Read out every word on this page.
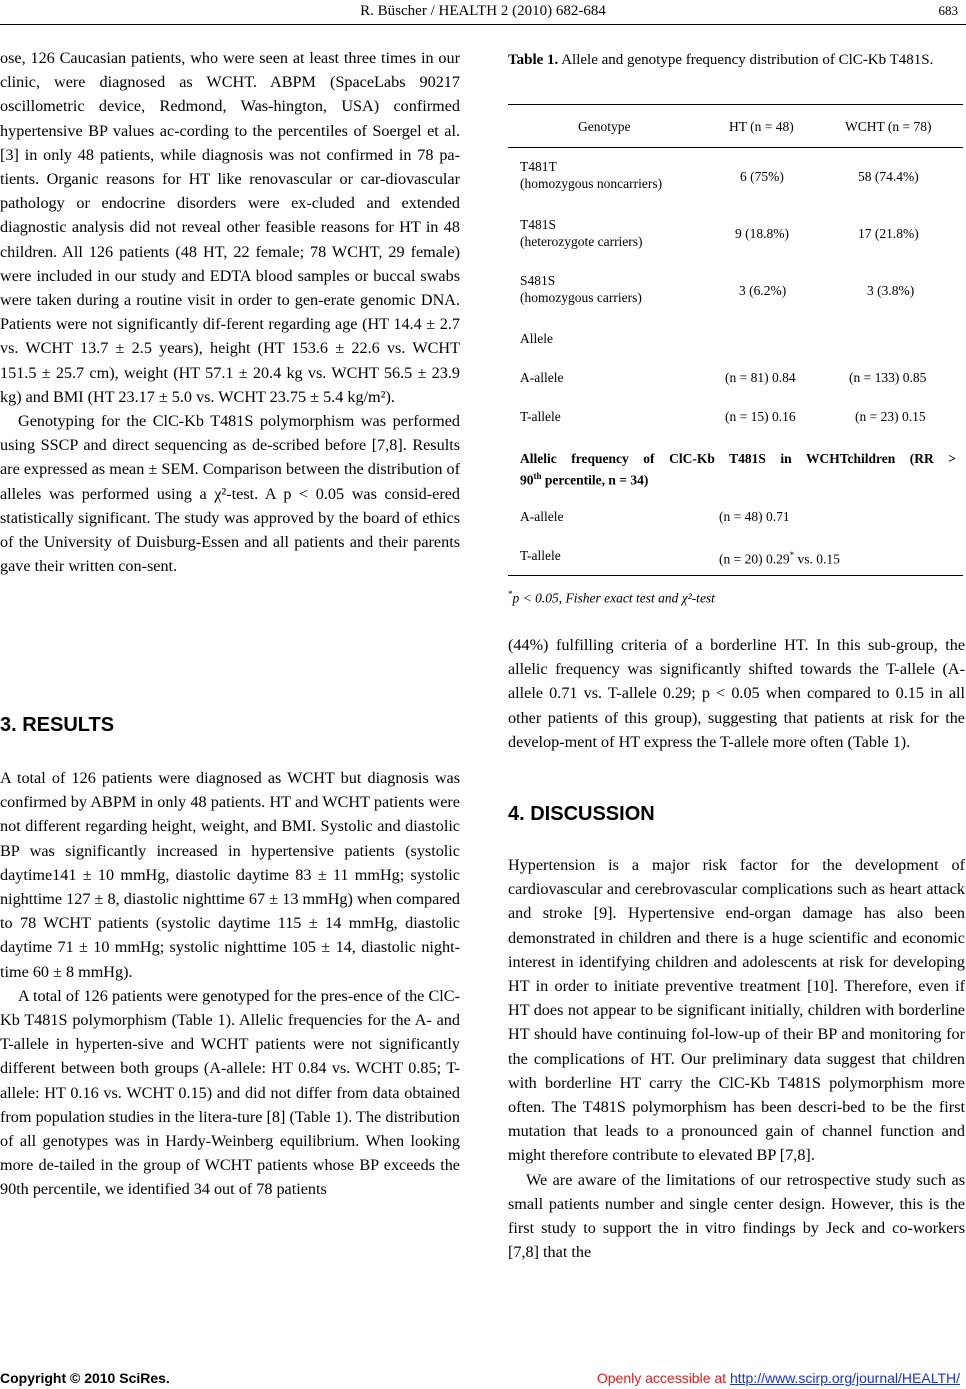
R. Büscher / HEALTH 2 (2010) 682-684	683

ose, 126 Caucasian patients, who were seen at least three times in our clinic, were diagnosed as WCHT. ABPM (SpaceLabs 90217 oscillometric device, Redmond, Was-hington, USA) confirmed hypertensive BP values ac-cording to the percentiles of Soergel et al. [3] in only 48 patients, while diagnosis was not confirmed in 78 pa-tients. Organic reasons for HT like renovascular or car-diovascular pathology or endocrine disorders were ex-cluded and extended diagnostic analysis did not reveal other feasible reasons for HT in 48 children. All 126 patients (48 HT, 22 female; 78 WCHT, 29 female) were included in our study and EDTA blood samples or buccal swabs were taken during a routine visit in order to gen-erate genomic DNA. Patients were not significantly dif-ferent regarding age (HT 14.4 ± 2.7 vs. WCHT 13.7 ± 2.5 years), height (HT 153.6 ± 22.6 vs. WCHT 151.5 ± 25.7 cm), weight (HT 57.1 ± 20.4 kg vs. WCHT 56.5 ± 23.9 kg) and BMI (HT 23.17 ± 5.0 vs. WCHT 23.75 ± 5.4 kg/m²).

Genotyping for the ClC-Kb T481S polymorphism was performed using SSCP and direct sequencing as de-scribed before [7,8]. Results are expressed as mean ± SEM. Comparison between the distribution of alleles was performed using a χ²-test. A p < 0.05 was consid-ered statistically significant. The study was approved by the board of ethics of the University of Duisburg-Essen and all patients and their parents gave their written con-sent.

3. RESULTS

A total of 126 patients were diagnosed as WCHT but diagnosis was confirmed by ABPM in only 48 patients. HT and WCHT patients were not different regarding height, weight, and BMI. Systolic and diastolic BP was significantly increased in hypertensive patients (systolic daytime141 ± 10 mmHg, diastolic daytime 83 ± 11 mmHg; systolic nighttime 127 ± 8, diastolic nighttime 67 ± 13 mmHg) when compared to 78 WCHT patients (systolic daytime 115 ± 14 mmHg, diastolic daytime 71 ± 10 mmHg; systolic nighttime 105 ± 14, diastolic night-time 60 ± 8 mmHg).

A total of 126 patients were genotyped for the pres-ence of the ClC-Kb T481S polymorphism (Table 1). Allelic frequencies for the A- and T-allele in hyperten-sive and WCHT patients were not significantly different between both groups (A-allele: HT 0.84 vs. WCHT 0.85; T-allele: HT 0.16 vs. WCHT 0.15) and did not differ from data obtained from population studies in the litera-ture [8] (Table 1). The distribution of all genotypes was in Hardy-Weinberg equilibrium. When looking more de-tailed in the group of WCHT patients whose BP exceeds the 90th percentile, we identified 34 out of 78 patients

Table 1. Allele and genotype frequency distribution of ClC-Kb T481S.
Genotype	HT (n = 48)	WCHT (n = 78)
T481T
(homozygous noncarriers)	6 (75%)	58 (74.4%)
T481S
(heterozygote carriers)
9 (18.8%)	17 (21.8%)
S481S
(homozygous carriers)	3 (6.2%)	3 (3.8%)
Allele
A-allele	(n = 81) 0.84	(n = 133) 0.85
T-allele	(n = 15) 0.16	(n = 23) 0.15
Allelic frequency of ClC-Kb T481S in WCHTchildren (RR >
90th percentile, n = 34)
A-allele	(n = 48) 0.71
T-allele	(n = 20) 0.29* vs. 0.15
*p < 0.05, Fisher exact test and χ²-test

(44%) fulfilling criteria of a borderline HT. In this sub-group, the allelic frequency was significantly shifted towards the T-allele (A-allele 0.71 vs. T-allele 0.29; p < 0.05 when compared to 0.15 in all other patients of this group), suggesting that patients at risk for the develop-ment of HT express the T-allele more often (Table 1).

4. DISCUSSION

Hypertension is a major risk factor for the development of cardiovascular and cerebrovascular complications such as heart attack and stroke [9]. Hypertensive end-organ damage has also been demonstrated in children and there is a huge scientific and economic interest in identifying children and adolescents at risk for developing HT in order to initiate preventive treatment [10]. Therefore, even if HT does not appear to be significant initially, children with borderline HT should have continuing fol-low-up of their BP and monitoring for the complications of HT. Our preliminary data suggest that children with borderline HT carry the ClC-Kb T481S polymorphism more often. The T481S polymorphism has been descri-bed to be the first mutation that leads to a pronounced gain of channel function and might therefore contribute to elevated BP [7,8].

We are aware of the limitations of our retrospective study such as small patients number and single center design. However, this is the first study to support the in vitro findings by Jeck and co-workers [7,8] that the

Copyright © 2010 SciRes.	Openly accessible at http://www.scirp.org/journal/HEALTH/
